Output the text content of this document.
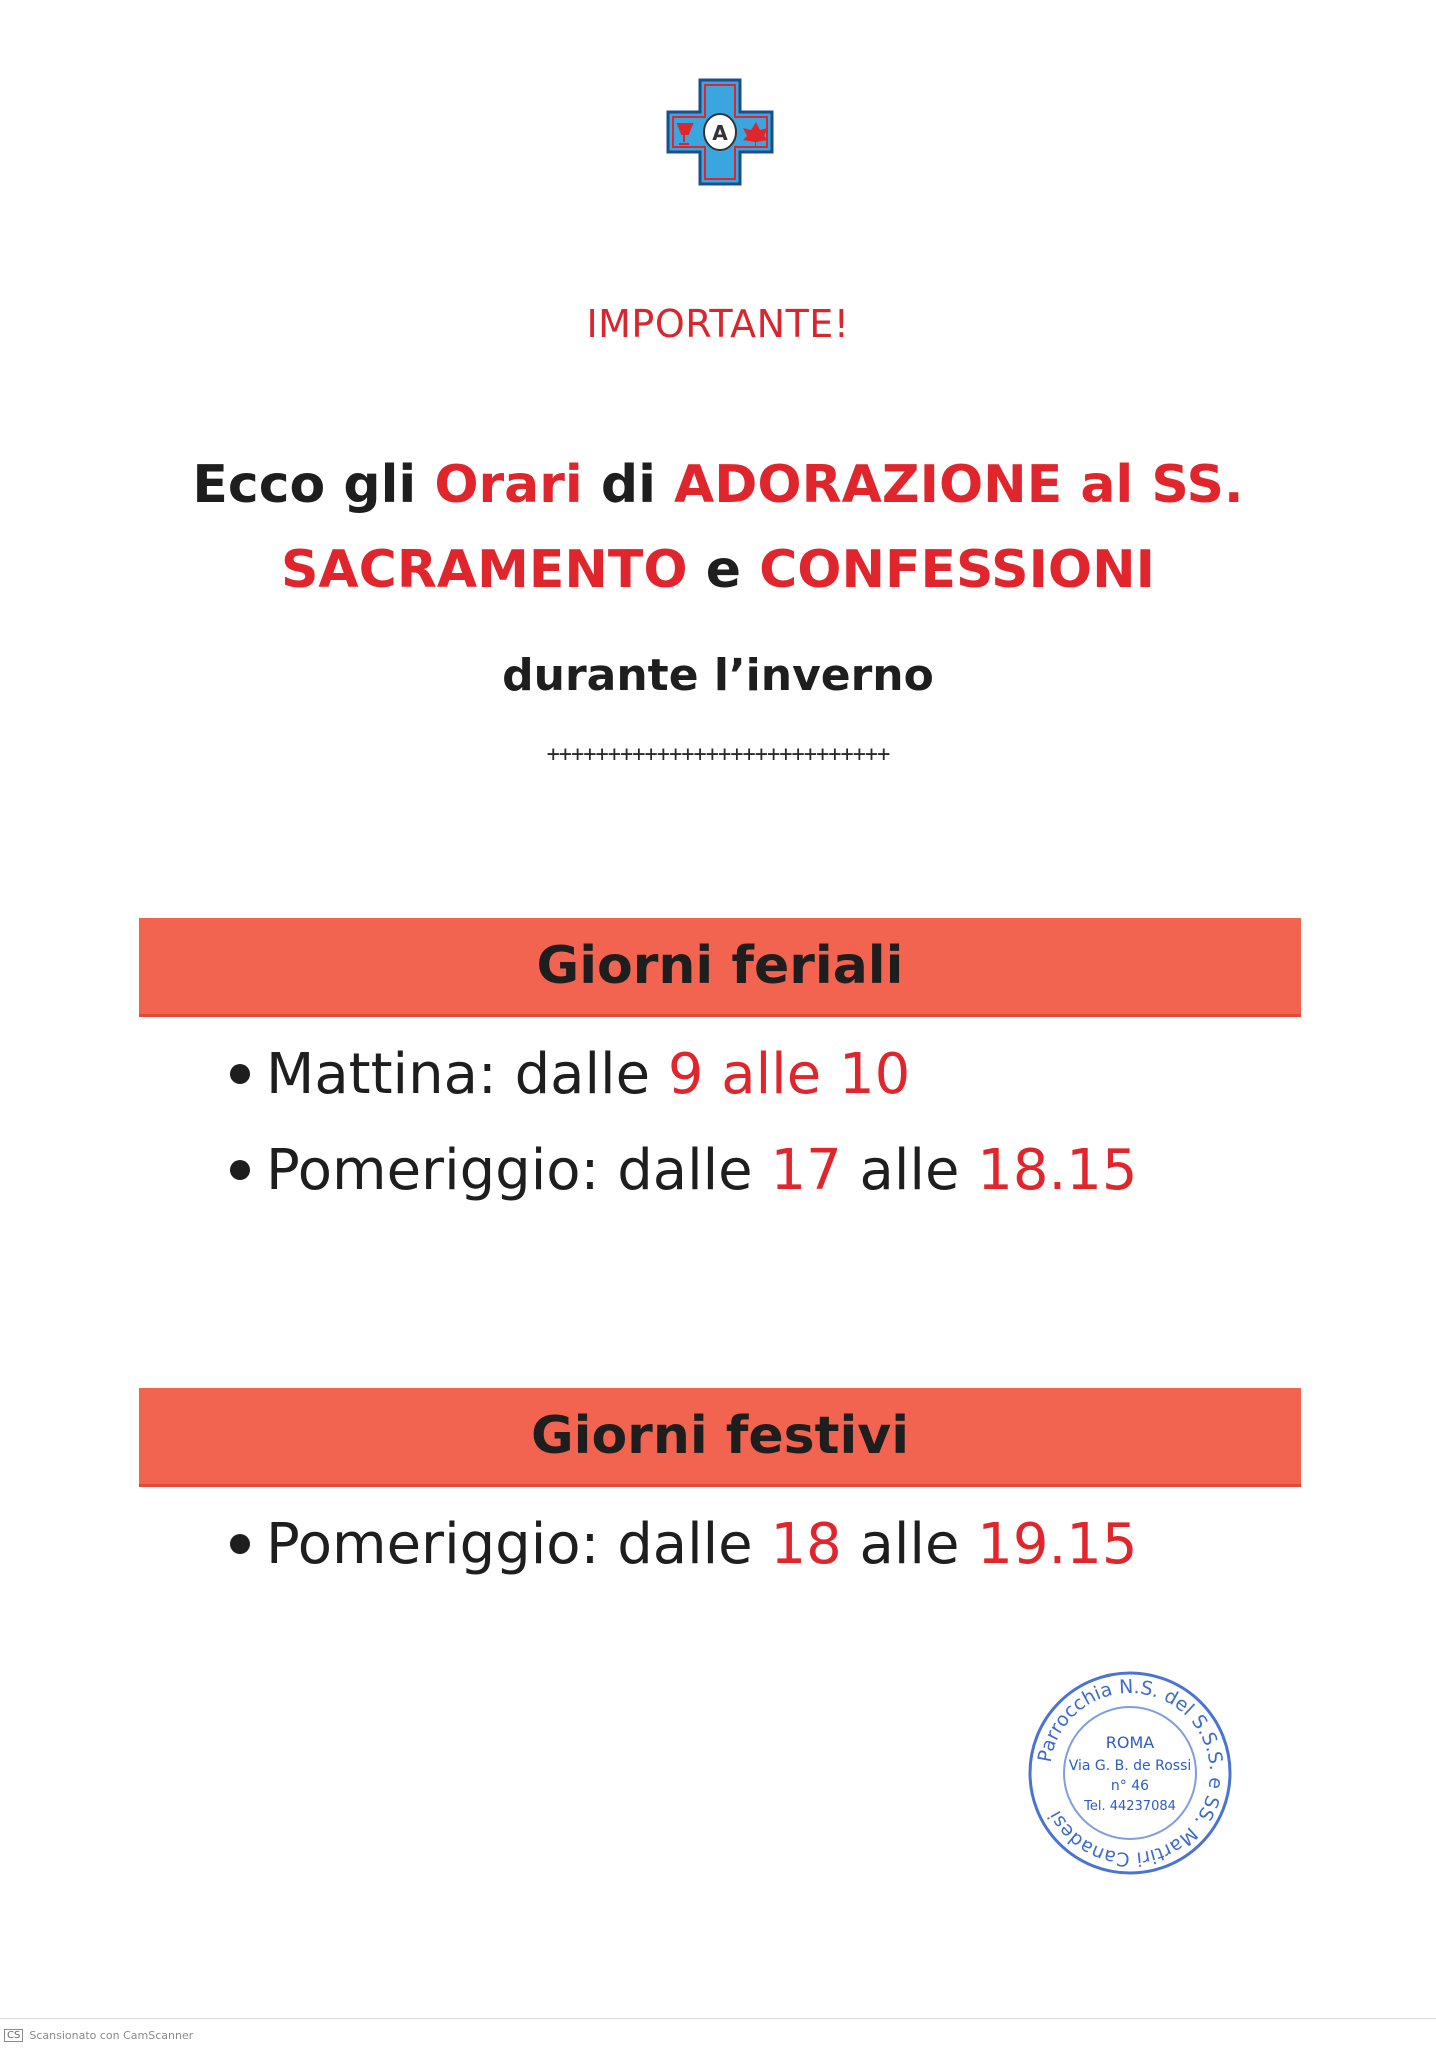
A
IMPORTANTE!
Ecco gli Orari di ADORAZIONE al SS.
SACRAMENTO e CONFESSIONI
durante l’inverno
++++++++++++++++++++++++++++
Giorni feriali
Mattina: dalle 9 alle 10
Pomeriggio: dalle 17 alle 18.15
Giorni festivi
Pomeriggio: dalle 18 alle 19.15
Parrocchia N.S. del S.S.S. e SS. Martiri Canadesi
ROMA
Via G. B. de Rossi
n° 46
Tel. 44237084
CS Scansionato con CamScanner
